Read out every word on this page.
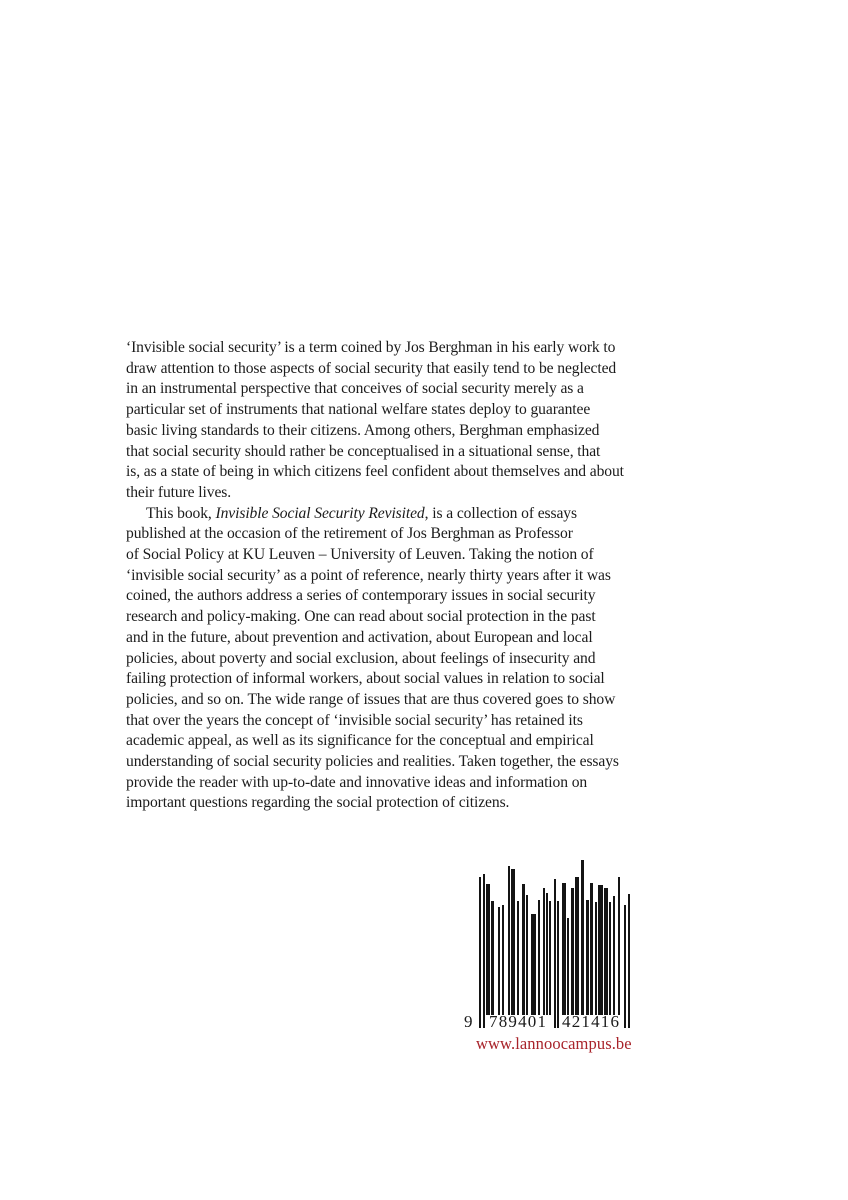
‘Invisible social security’ is a term coined by Jos Berghman in his early work to
draw attention to those aspects of social security that easily tend to be neglected
in an instrumental perspective that conceives of social security merely as a
particular set of instruments that national welfare states deploy to guarantee
basic living standards to their citizens. Among others, Berghman emphasized
that social security should rather be conceptualised in a situational sense, that
is, as a state of being in which citizens feel confident about themselves and about
their future lives.

This book, Invisible Social Security Revisited, is a collection of essays

published at the occasion of the retirement of Jos Berghman as Professor
of Social Policy at KU Leuven – University of Leuven. Taking the notion of
‘invisible social security’ as a point of reference, nearly thirty years after it was
coined, the authors address a series of contemporary issues in social security
research and policy-making. One can read about social protection in the past
and in the future, about prevention and activation, about European and local
policies, about poverty and social exclusion, about feelings of insecurity and
failing protection of informal workers, about social values in relation to social
policies, and so on. The wide range of issues that are thus covered goes to show
that over the years the concept of ‘invisible social security’ has retained its
academic appeal, as well as its significance for the conceptual and empirical
understanding of social security policies and realities. Taken together, the essays
provide the reader with up-to-date and innovative ideas and information on
important questions regarding the social protection of citizens.

9 789401 421416
www.lannoocampus.be
